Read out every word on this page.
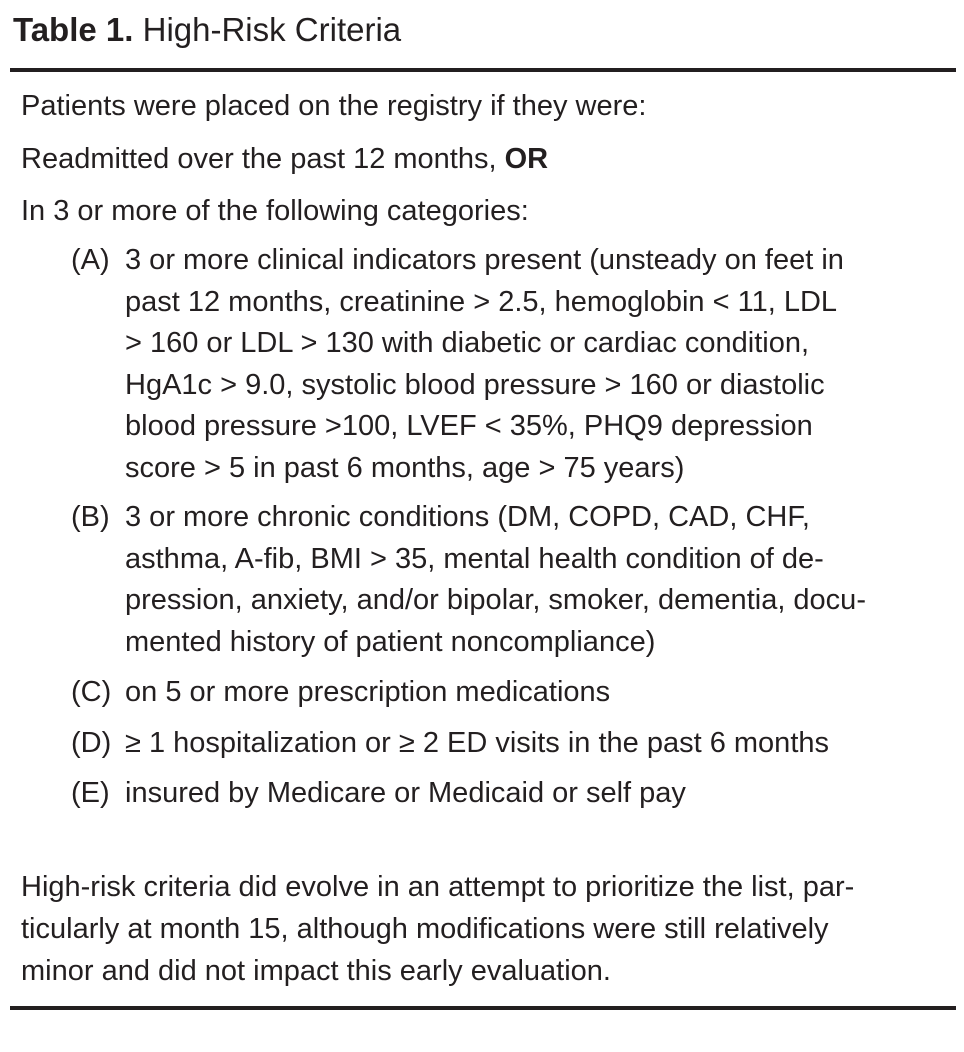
Table 1. High-Risk Criteria
Patients were placed on the registry if they were:
Readmitted over the past 12 months, OR
In 3 or more of the following categories:
(A) 3 or more clinical indicators present (unsteady on feet in
past 12 months, creatinine > 2.5, hemoglobin < 11, LDL
> 160 or LDL > 130 with diabetic or cardiac condition,
HgA1c > 9.0, systolic blood pressure > 160 or diastolic
blood pressure >100, LVEF < 35%, PHQ9 depression
score > 5 in past 6 months, age > 75 years)
(B) 3 or more chronic conditions (DM, COPD, CAD, CHF,
asthma, A-fib, BMI > 35, mental health condition of de-
pression, anxiety, and/or bipolar, smoker, dementia, docu-
mented history of patient noncompliance)
(C) on 5 or more prescription medications
(D) ≥ 1 hospitalization or ≥ 2 ED visits in the past 6 months
(E) insured by Medicare or Medicaid or self pay
High-risk criteria did evolve in an attempt to prioritize the list, par-
ticularly at month 15, although modifications were still relatively
minor and did not impact this early evaluation.
